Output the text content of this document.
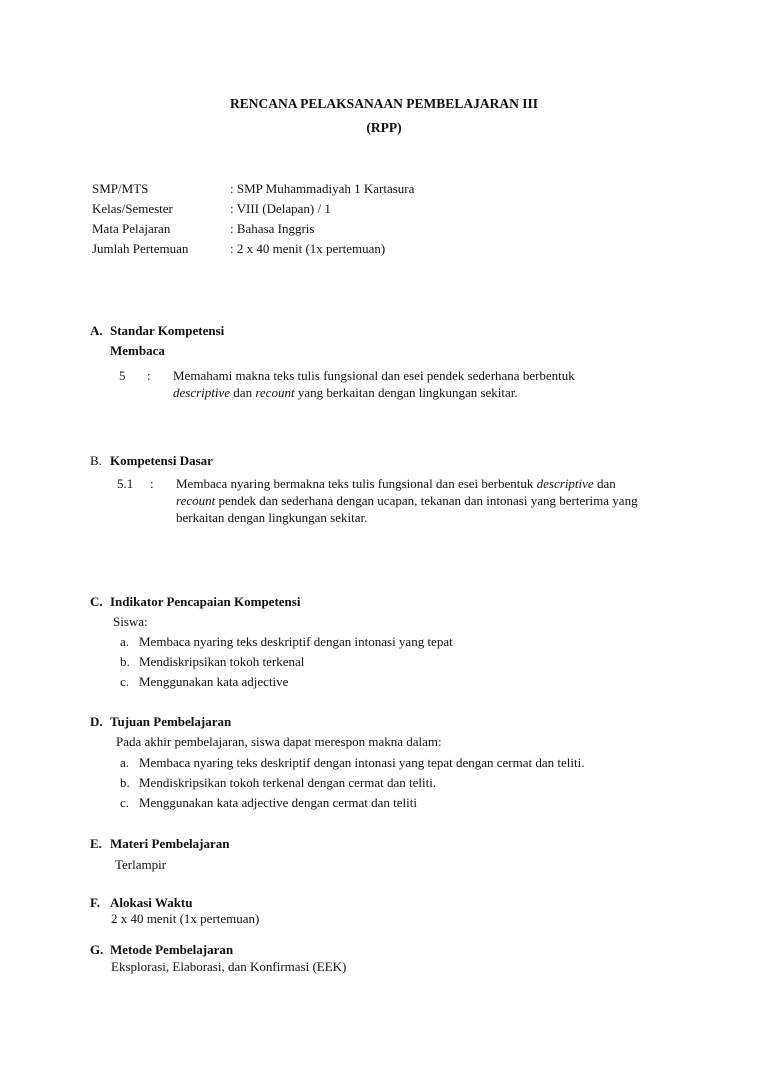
RENCANA PELAKSANAAN PEMBELAJARAN III
(RPP)
SMP/MTS	: SMP Muhammadiyah 1 Kartasura
Kelas/Semester	: VIII (Delapan) / 1
Mata Pelajaran	: Bahasa Inggris
Jumlah Pertemuan	: 2 x 40 menit (1x pertemuan)
A. Standar Kompetensi
Membaca
5 : Memahami makna teks tulis fungsional dan esei pendek sederhana berbentuk
descriptive dan recount yang berkaitan dengan lingkungan sekitar.
B. Kompetensi Dasar
5.1 : Membaca nyaring bermakna teks tulis fungsional dan esei berbentuk descriptive dan
recount pendek dan sederhana dengan ucapan, tekanan dan intonasi yang berterima yang
berkaitan dengan lingkungan sekitar.
C. Indikator Pencapaian Kompetensi
Siswa:
a. Membaca nyaring teks deskriptif dengan intonasi yang tepat
b. Mendiskripsikan tokoh terkenal
c. Menggunakan kata adjective
D. Tujuan Pembelajaran
Pada akhir pembelajaran, siswa dapat merespon makna dalam:
a. Membaca nyaring teks deskriptif dengan intonasi yang tepat dengan cermat dan teliti.
b. Mendiskripsikan tokoh terkenal dengan cermat dan teliti.
c. Menggunakan kata adjective dengan cermat dan teliti
E. Materi Pembelajaran
Terlampir
F. Alokasi Waktu
2 x 40 menit (1x pertemuan)
G. Metode Pembelajaran
Eksplorasi, Elaborasi, dan Konfirmasi (EEK)
